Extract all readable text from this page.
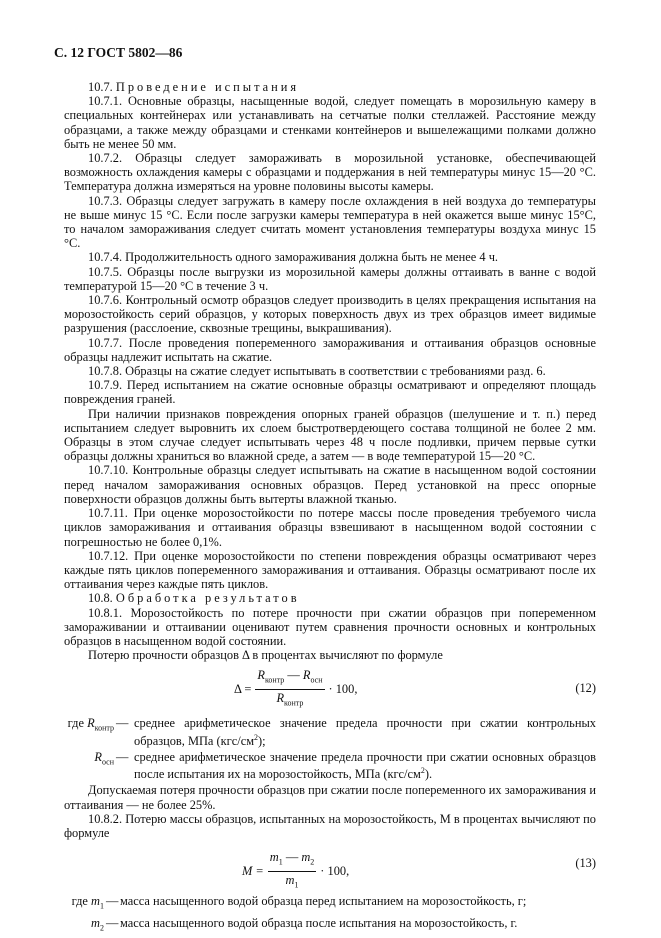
С. 12 ГОСТ 5802—86

10.7. Проведение испытания

10.7.1. Основные образцы, насыщенные водой, следует помещать в морозильную камеру в специальных контейнерах или устанавливать на сетчатые полки стеллажей. Расстояние между образцами, а также между образцами и стенками контейнеров и вышележащими полками должно быть не менее 50 мм.

10.7.2. Образцы следует замораживать в морозильной установке, обеспечивающей возможность охлаждения камеры с образцами и поддержания в ней температуры минус 15—20 °С. Температура должна измеряться на уровне половины высоты камеры.

10.7.3. Образцы следует загружать в камеру после охлаждения в ней воздуха до температуры не выше минус 15 °С. Если после загрузки камеры температура в ней окажется выше минус 15°С, то началом замораживания следует считать момент установления температуры воздуха минус 15 °С.

10.7.4. Продолжительность одного замораживания должна быть не менее 4 ч.

10.7.5. Образцы после выгрузки из морозильной камеры должны оттаивать в ванне с водой температурой 15—20 °С в течение 3 ч.

10.7.6. Контрольный осмотр образцов следует производить в целях прекращения испытания на морозостойкость серий образцов, у которых поверхность двух из трех образцов имеет видимые разрушения (расслоение, сквозные трещины, выкрашивания).

10.7.7. После проведения попеременного замораживания и оттаивания образцов основные образцы надлежит испытать на сжатие.

10.7.8. Образцы на сжатие следует испытывать в соответствии с требованиями разд. 6.

10.7.9. Перед испытанием на сжатие основные образцы осматривают и определяют площадь повреждения граней.

При наличии признаков повреждения опорных граней образцов (шелушение и т. п.) перед испытанием следует выровнить их слоем быстротвердеющего состава толщиной не более 2 мм. Образцы в этом случае следует испытывать через 48 ч после подливки, причем первые сутки образцы должны храниться во влажной среде, а затем — в воде температурой 15—20 °С.

10.7.10. Контрольные образцы следует испытывать на сжатие в насыщенном водой состоянии перед началом замораживания основных образцов. Перед установкой на пресс опорные поверхности образцов должны быть вытерты влажной тканью.

10.7.11. При оценке морозостойкости по потере массы после проведения требуемого числа циклов замораживания и оттаивания образцы взвешивают в насыщенном водой состоянии с погрешностью не более 0,1%.

10.7.12. При оценке морозостойкости по степени повреждения образцы осматривают через каждые пять циклов попеременного замораживания и оттаивания. Образцы осматривают после их оттаивания через каждые пять циклов.

10.8. Обработка результатов

10.8.1. Морозостойкость по потере прочности при сжатии образцов при попеременном замораживании и оттаивании оценивают путем сравнения прочности основных и контрольных образцов в насыщенном водой состоянии.

Потерю прочности образцов Δ в процентах вычисляют по формуле

$\Delta = \frac{R_{контр} — R_{осн}}{R_{контр}} \cdot 100$,	(12)
где $R_{контр}$ — среднее арифметическое значение предела прочности при сжатии контрольных образцов, МПа $(кгс/см^2)$;
$R_{осн}$ — среднее арифметическое значение предела прочности при сжатии основных образцов после испытания их на морозостойкость, МПа $(кгс/см^2)$.

Допускаемая потеря прочности образцов при сжатии после попеременного их замораживания и оттаивания — не более 25%.

10.8.2. Потерю массы образцов, испытанных на морозостойкость, М в процентах вычисляют по формуле

$M = \frac{m_1 — m_2}{m_1} \cdot 100$,
(13)
где $m_1$ — масса насыщенного водой образца перед испытанием на морозостойкость, г;
$m_2$ — масса насыщенного водой образца после испытания на морозостойкость, г.
